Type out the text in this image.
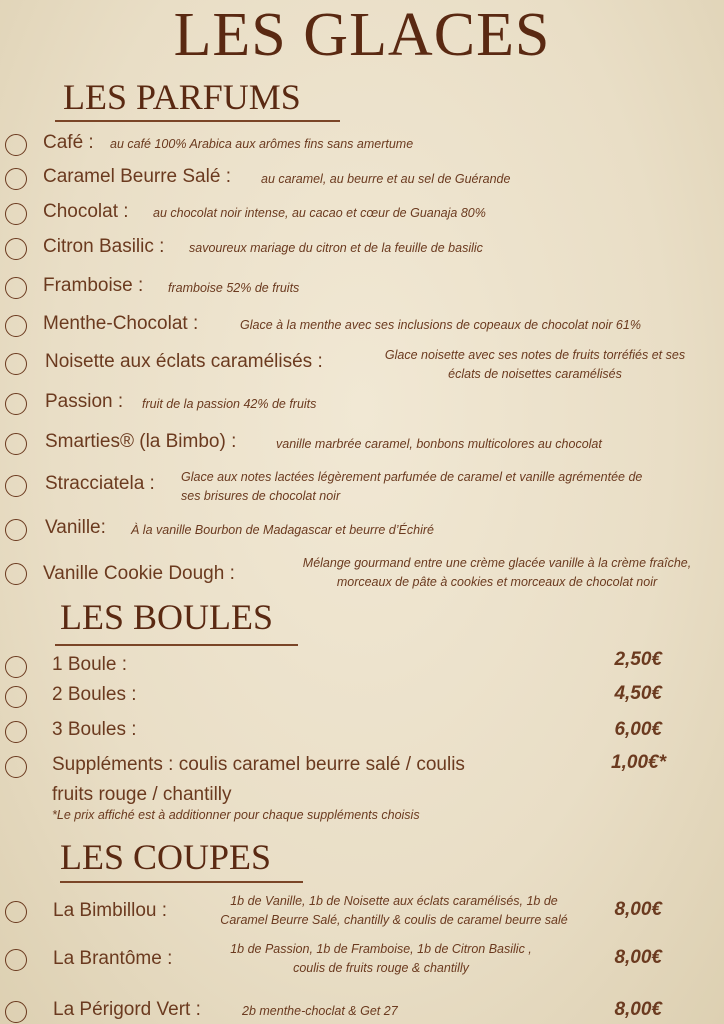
LES GLACES
LES PARFUMS
Café : au café 100% Arabica aux arômes fins sans amertume
Caramel Beurre Salé : au caramel, au beurre et au sel de Guérande
Chocolat : au chocolat noir intense, au cacao et cœur de Guanaja 80%
Citron Basilic : savoureux mariage du citron et de la feuille de basilic
Framboise : framboise 52% de fruits
Menthe-Chocolat :	Glace à la menthe avec ses inclusions de copeaux de chocolat noir 61%
Noisette aux éclats caramélisés :	Glace noisette avec ses notes de fruits torréfiés et ses
éclats de noisettes caramélisés
Passion : fruit de la passion 42% de fruits
Smarties® (la Bimbo) :	vanille marbrée caramel, bonbons multicolores au chocolat
Stracciatela : Glace aux notes lactées légèrement parfumée de caramel et vanille agrémentée de
ses brisures de chocolat noir
Vanille: À la vanille Bourbon de Madagascar et beurre d’Échiré
Vanille Cookie Dough :	Mélange gourmand entre une crème glacée vanille à la crème fraîche,
morceaux de pâte à cookies et morceaux de chocolat noir
LES BOULES
1 Boule :	2,50€
2 Boules :	4,50€
3 Boules :	6,00€
Suppléments : coulis caramel beurre salé / coulis
fruits rouge / chantilly
1,00€*
*Le prix affiché est à additionner pour chaque suppléments choisis
LES COUPES
La Bimbillou :	1b de Vanille, 1b de Noisette aux éclats caramélisés, 1b de
Caramel Beurre Salé, chantilly & coulis de caramel beurre salé	8,00€
La Brantôme :	1b de Passion, 1b de Framboise, 1b de Citron Basilic ,
coulis de fruits rouge & chantilly	8,00€
La Périgord Vert :	2b menthe-choclat & Get 27	8,00€
